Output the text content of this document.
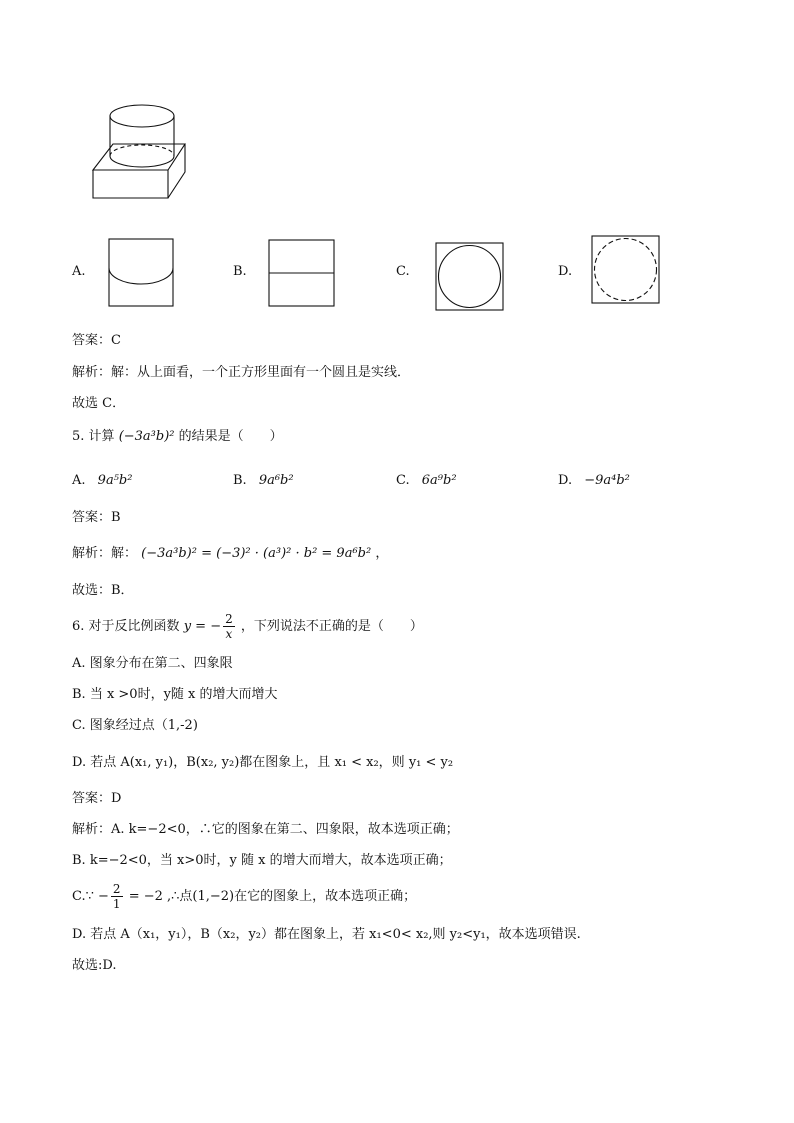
A.	B.	C.	D.
答案：C
解析：解：从上面看，一个正方形里面有一个圆且是实线．
故选 C．
5. 计算 (−3a³b)² 的结果是（　　）
A. 9a⁵b²	B. 9a⁶b²	C. 6a⁹b²	D. −9a⁴b²
答案：B
解析：解： (−3a³b)² = (−3)² · (a³)² · b² = 9a⁶b² ，
故选：B．
6. 对于反比例函数 y = − $\frac{2}{x}$ ，下列说法不正确的是（　　）
A. 图象分布在第二、四象限
B. 当 x >0时，y随 x 的增大而增大
C. 图象经过点（1,-2)
D. 若点 A(x₁, y₁)，B(x₂, y₂)都在图象上，且 x₁ < x₂，则 y₁ < y₂
答案：D
解析：A. k=−2<0，∴它的图象在第二、四象限，故本选项正确；
B. k=−2<0，当 x>0时，y 随 x 的增大而增大，故本选项正确；
C.∵ − $\frac{2}{1} = -2$ ,∴点(1,−2)在它的图象上，故本选项正确；
D. 若点 A（x₁，y₁），B（x₂，y₂）都在图象上，若 x₁<0< x₂,则 y₂<y₁，故本选项错误.
故选:D.
